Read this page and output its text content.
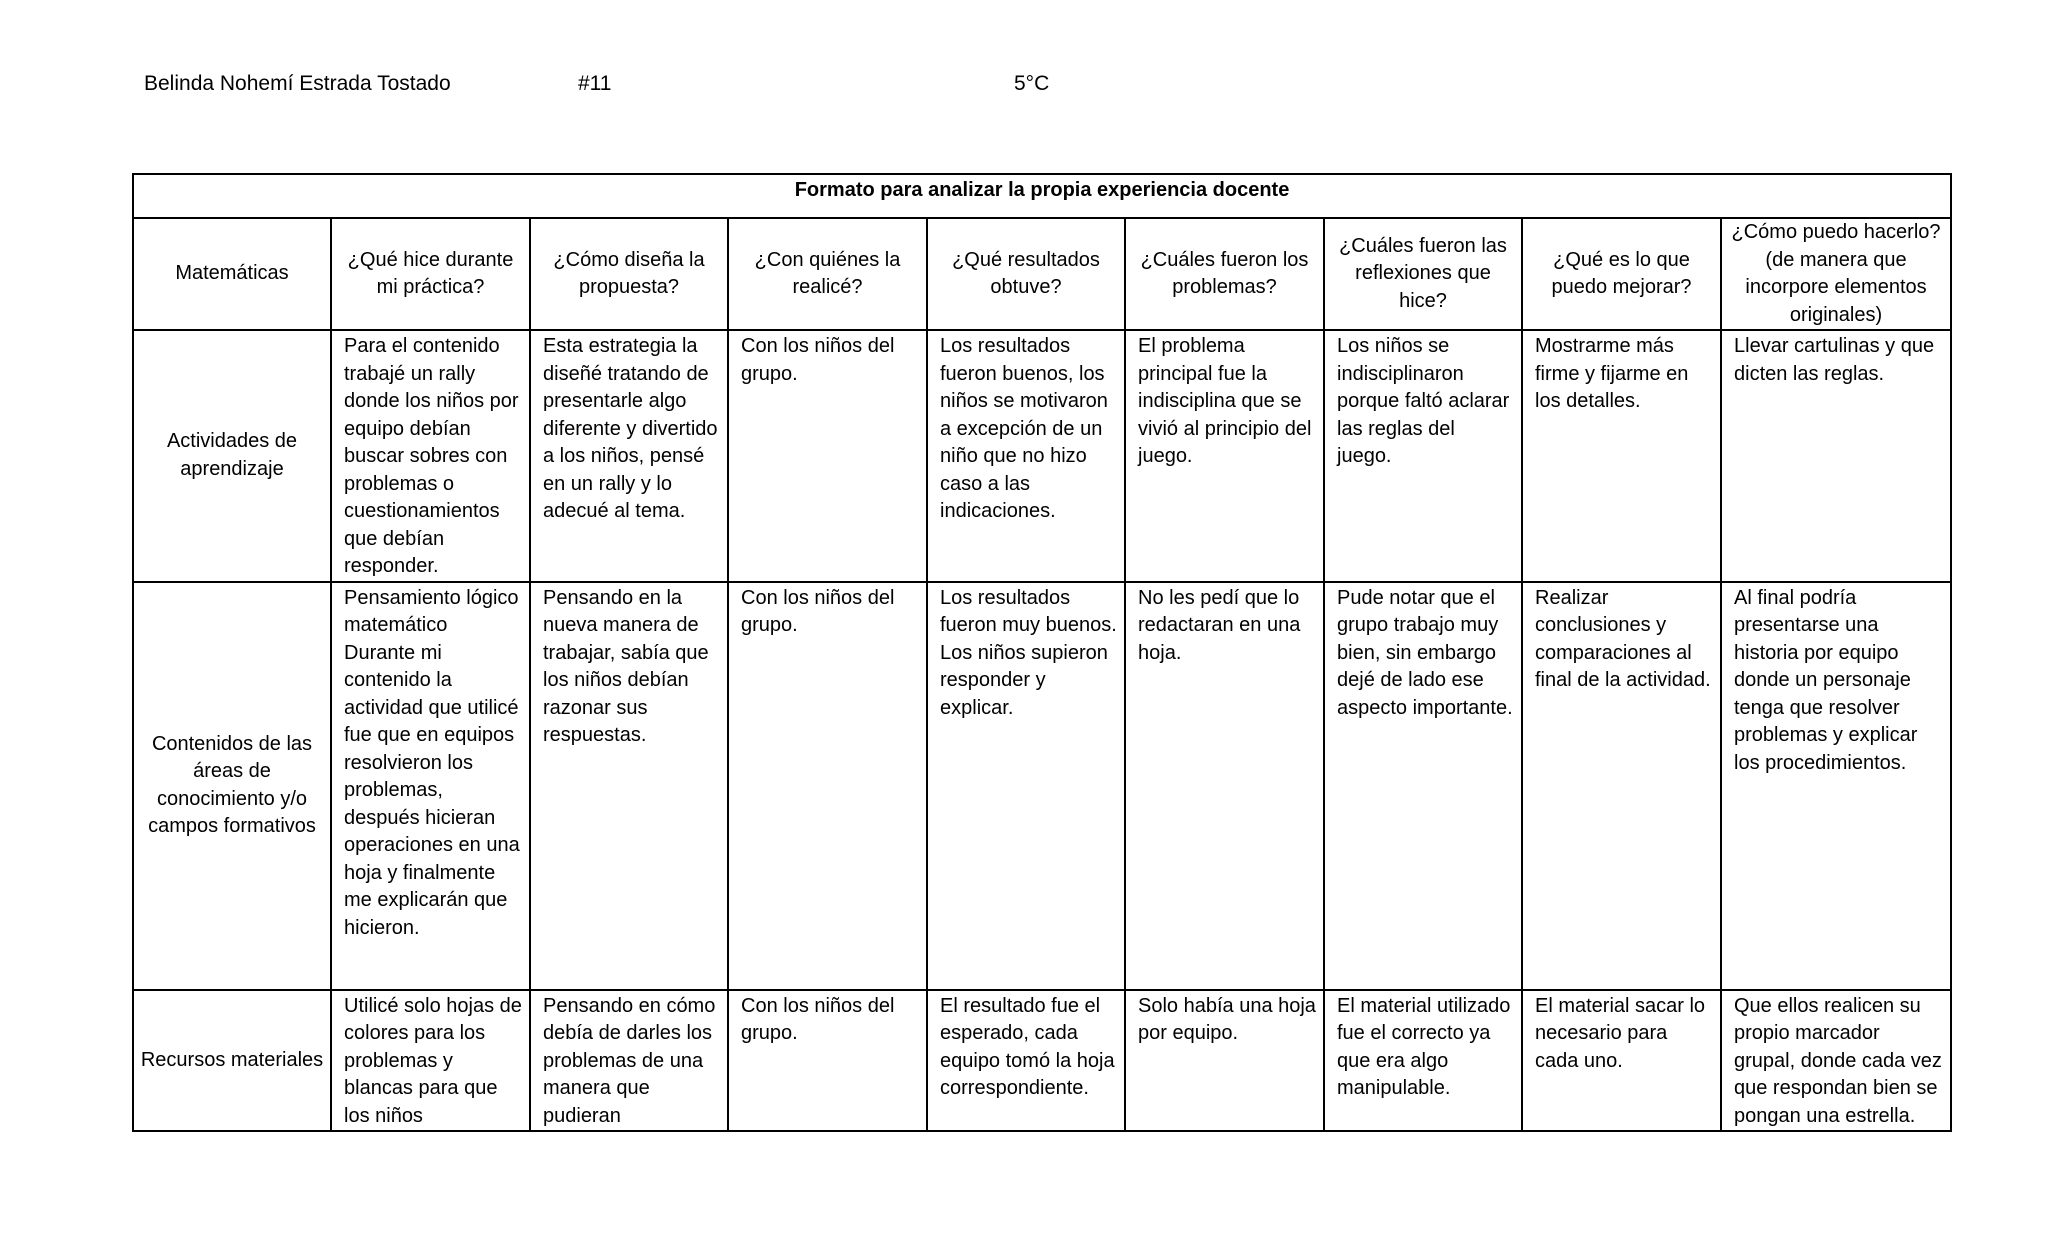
Belinda Nohemí Estrada Tostado	#11	5°C
Formato para analizar la propia experiencia docente								
Matemáticas	¿Qué hice durante mi práctica?	¿Cómo diseña la propuesta?	¿Con quiénes la realicé?	¿Qué resultados obtuve?	¿Cuáles fueron los problemas?	¿Cuáles fueron las reflexiones que hice?	¿Qué es lo que puedo mejorar?	¿Cómo puedo hacerlo? (de manera que incorpore elementos originales)
Actividades de aprendizaje	Para el contenido trabajé un rally donde los niños por equipo debían buscar sobres con problemas o cuestionamientos que debían responder.	Esta estrategia la diseñé tratando de presentarle algo diferente y divertido a los niños, pensé en un rally y lo adecué al tema.	Con los niños del grupo.	Los resultados fueron buenos, los niños se motivaron a excepción de un niño que no hizo caso a las indicaciones.	El problema principal fue la indisciplina que se vivió al principio del juego.	Los niños se indisciplinaron porque faltó aclarar las reglas del juego.	Mostrarme más firme y fijarme en los detalles.	Llevar cartulinas y que dicten las reglas.
Contenidos de las áreas de conocimiento y/o campos formativos	Pensamiento lógico matemático Durante mi contenido la actividad que utilicé fue que en equipos resolvieron los problemas, después hicieran operaciones en una hoja y finalmente me explicarán que hicieron.	Pensando en la nueva manera de trabajar, sabía que los niños debían razonar sus respuestas.	Con los niños del grupo.	Los resultados fueron muy buenos. Los niños supieron responder y explicar.	No les pedí que lo redactaran en una hoja.	Pude notar que el grupo trabajo muy bien, sin embargo dejé de lado ese aspecto importante.	Realizar conclusiones y comparaciones al final de la actividad.	Al final podría presentarse una historia por equipo donde un personaje tenga que resolver problemas y explicar los procedimientos.
Recursos materiales	Utilicé solo hojas de colores para los problemas y blancas para que los niños	Pensando en cómo debía de darles los problemas de una manera que pudieran	Con los niños del grupo.	El resultado fue el esperado, cada equipo tomó la hoja correspondiente.	Solo había una hoja por equipo.	El material utilizado fue el correcto ya que era algo manipulable.	El material sacar lo necesario para cada uno.	Que ellos realicen su propio marcador grupal, donde cada vez que respondan bien se pongan una estrella.
